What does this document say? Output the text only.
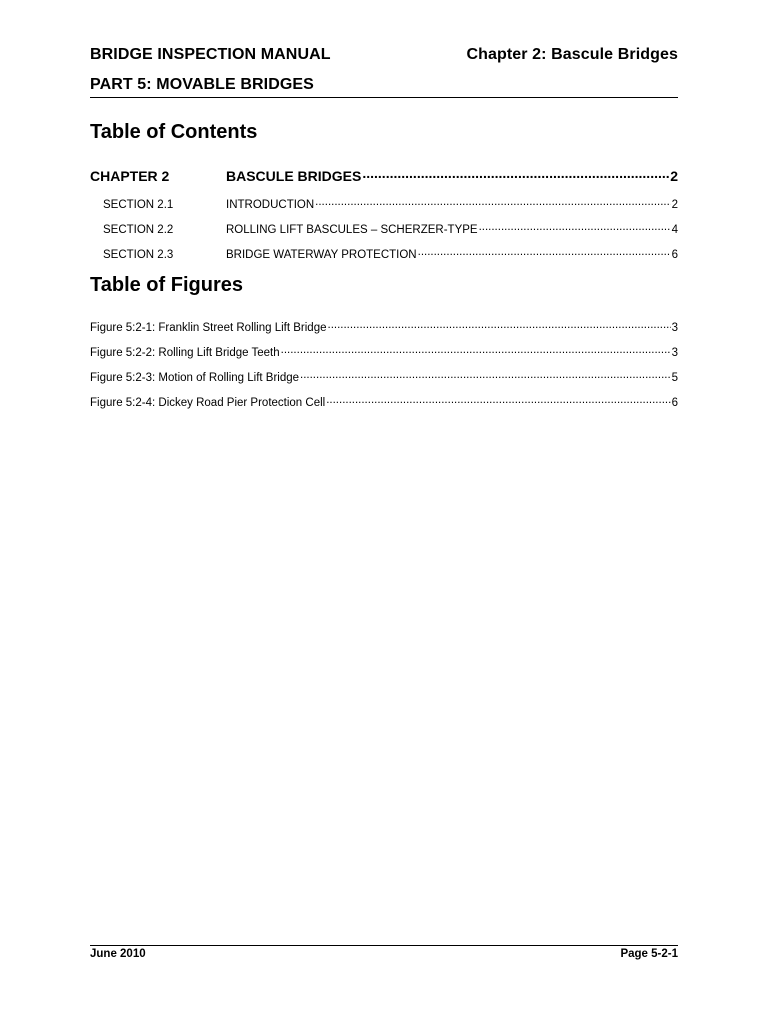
BRIDGE INSPECTION MANUAL	Chapter 2: Bascule Bridges
PART 5: MOVABLE BRIDGES
Table of Contents
CHAPTER 2	BASCULE BRIDGES .....	2
SECTION 2.1	INTRODUCTION .....	2
SECTION 2.2	ROLLING LIFT BASCULES – SCHERZER-TYPE .....	4
SECTION 2.3	BRIDGE WATERWAY PROTECTION .....	6
Table of Figures
Figure 5:2-1: Franklin Street Rolling Lift Bridge .....	3
Figure 5:2-2: Rolling Lift Bridge Teeth .....	3
Figure 5:2-3: Motion of Rolling Lift Bridge .....	5
Figure 5:2-4: Dickey Road Pier Protection Cell .....	6
June 2010	Page 5-2-1
